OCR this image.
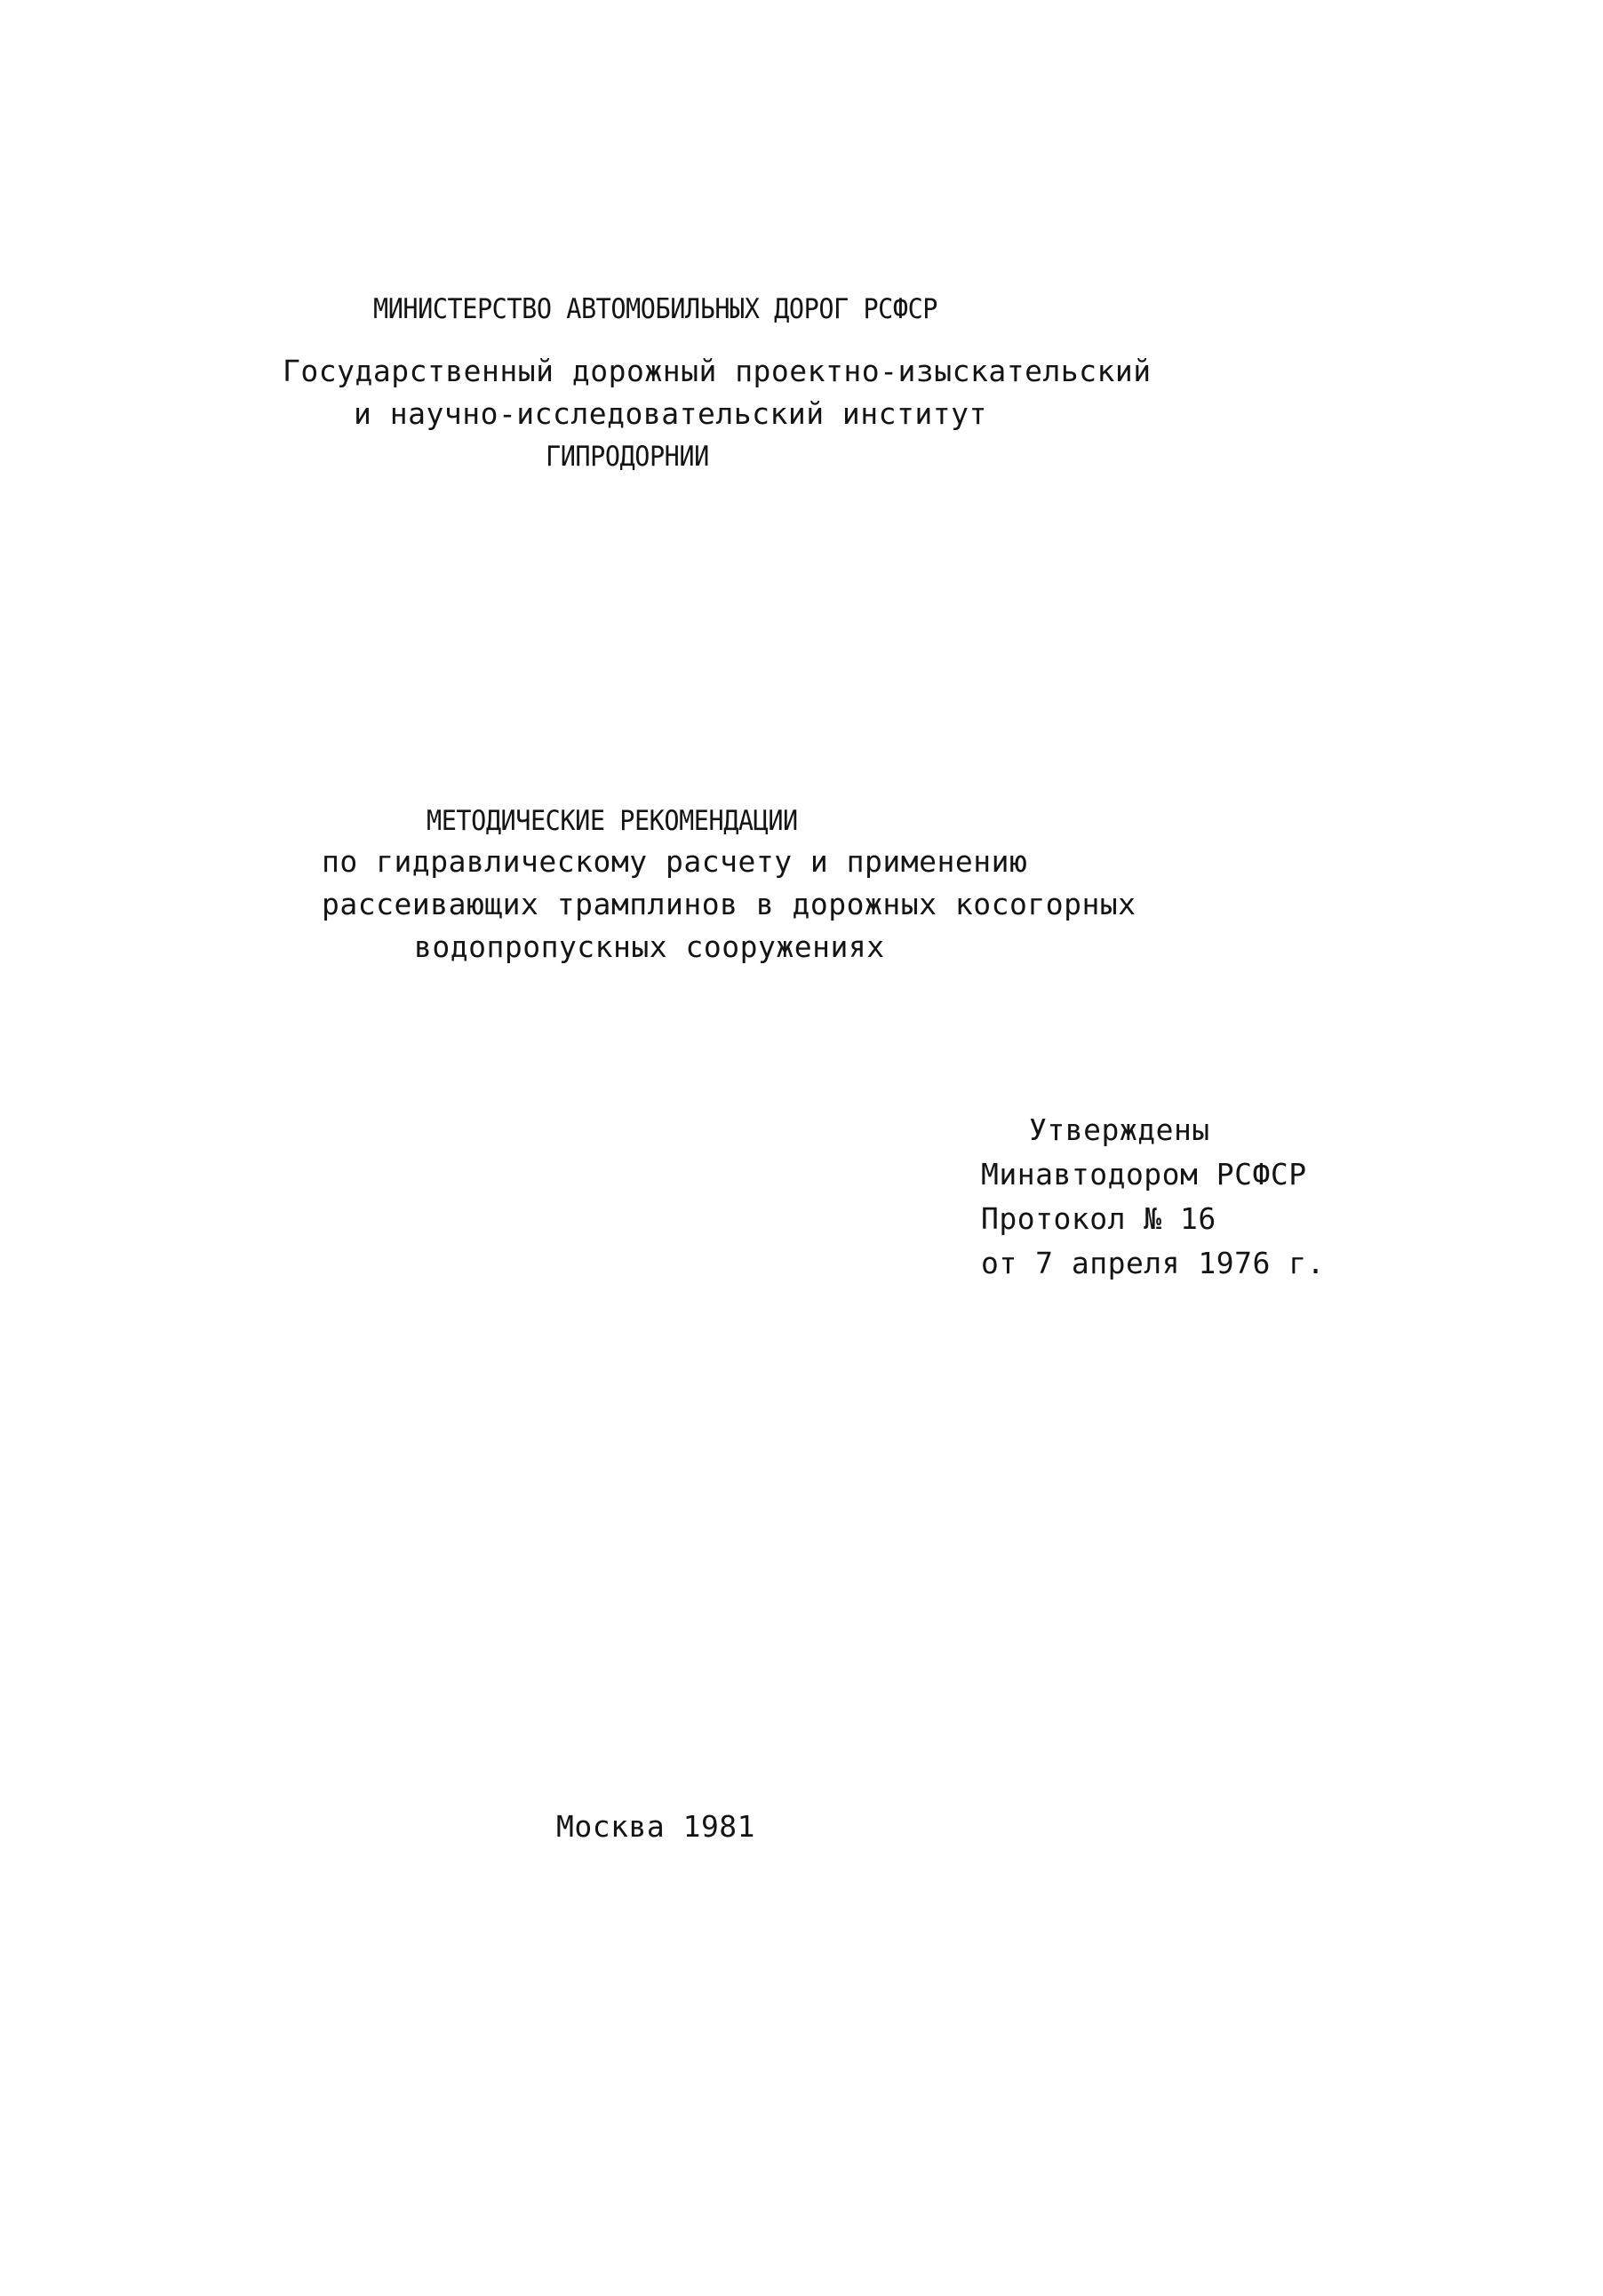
МИНИСТЕРСТВО АВТОМОБИЛЬНЫХ ДОРОГ РСФСР
Государственный дорожный проектно-изыскательский
и научно-исследовательский институт
ГИПРОДОРНИИ
МЕТОДИЧЕСКИЕ РЕКОМЕНДАЦИИ
по гидравлическому расчету и применению
рассеивающих трамплинов в дорожных косогорных
водопропускных сооружениях
Утверждены
Минавтодором РСФСР
Протокол № 16
от 7 апреля 1976 г.
Москва 1981
